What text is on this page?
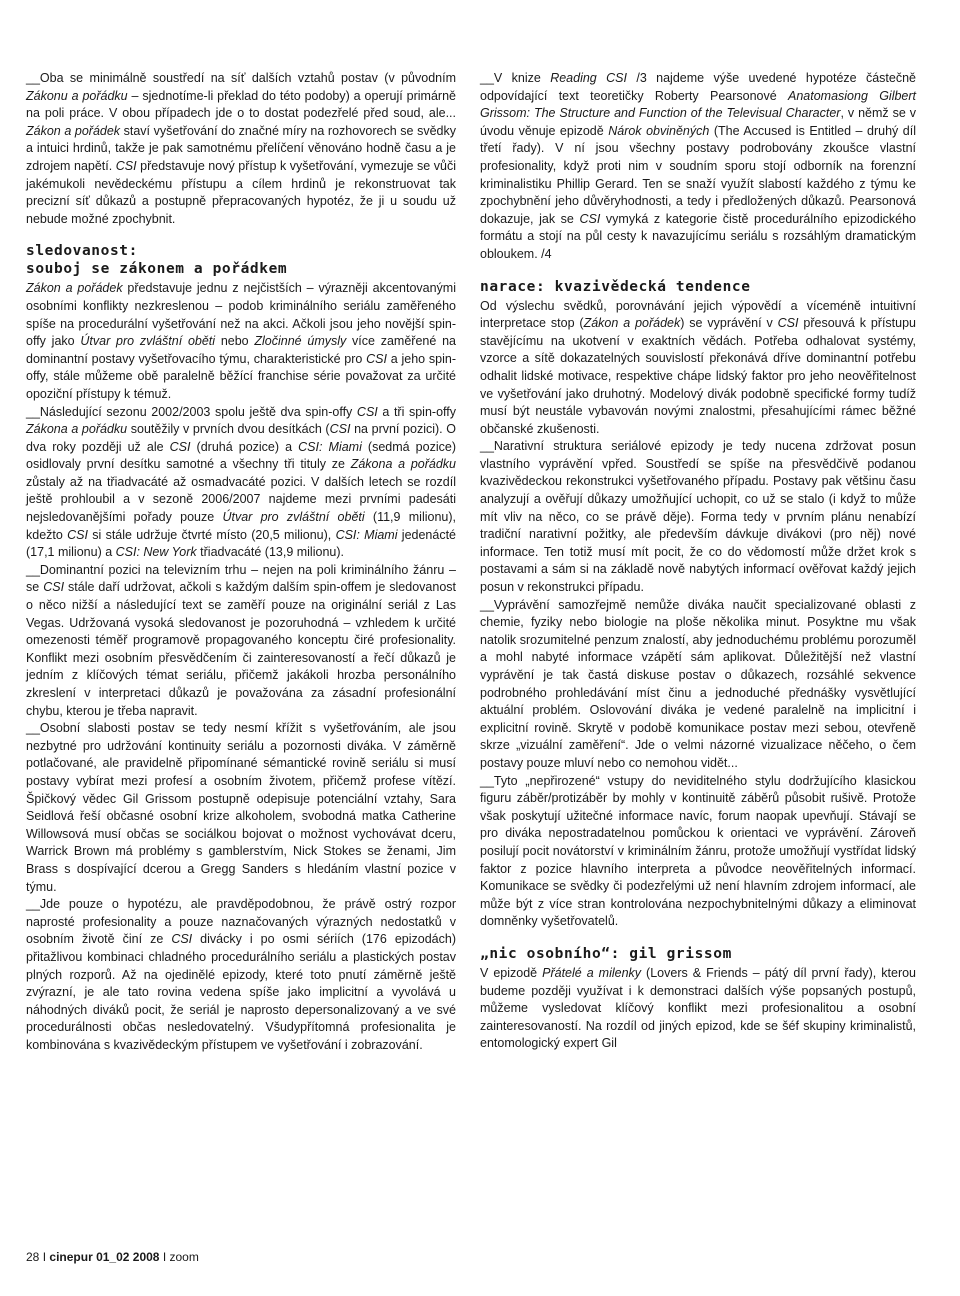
__ Oba se minimálně soustředí na síť dalších vztahů postav (v původním Zákonu a pořádku – sjednotíme-li překlad do této podoby) a operují primárně na poli práce. V obou případech jde o to dostat podezřelé před soud, ale... Zákon a pořádek staví vyšetřování do značné míry na rozhovorech se svědky a intuici hrdinů, takže je pak samotnému přelíčení věnováno hodně času a je zdrojem napětí. CSI představuje nový přístup k vyšetřování, vymezuje se vůči jakémukoli nevědeckému přístupu a cílem hrdinů je rekonstruovat tak precizní síť důkazů a postupně přepracovaných hypotéz, že ji u soudu už nebude možné zpochybnit.

sledovanost:
souboj se zákonem a pořádkem

Zákon a pořádek představuje jednu z nejčistších – výrazněji akcentovanými osobními konflikty nezkreslenou – podob kriminálního seriálu zaměřeného spíše na procedurální vyšetřování než na akci. Ačkoli jsou jeho novější spin-offy jako Útvar pro zvláštní oběti nebo Zločinné úmysly více zaměřené na dominantní postavy vyšetřovacího týmu, charakteristické pro CSI a jeho spin-offy, stále můžeme obě paralelně běžící franchise série považovat za určité opoziční přístupy k témuž.

__ Následující sezonu 2002/2003 spolu ještě dva spin-offy CSI a tři spin-offy Zákona a pořádku soutěžily v prvních dvou desítkách (CSI na první pozici). O dva roky později už ale CSI (druhá pozice) a CSI: Miami (sedmá pozice) osidlovaly první desítku samotné a všechny tři tituly ze Zákona a pořádku zůstaly až na třiadvacáté až osmadvacáté pozici. V dalších letech se rozdíl ještě prohloubil a v sezoně 2006/2007 najdeme mezi prvními padesáti nejsledovanějšími pořady pouze Útvar pro zvláštní oběti (11,9 milionu), kdežto CSI si stále udržuje čtvrté místo (20,5 milionu), CSI: Miami jedenácté (17,1 milionu) a CSI: New York třiadvacáté (13,9 milionu).

__ Dominantní pozici na televizním trhu – nejen na poli kriminálního žánru – se CSI stále daří udržovat, ačkoli s každým dalším spin-offem je sledovanost o něco nižší a následující text se zaměří pouze na originální seriál z Las Vegas. Udržovaná vysoká sledovanost je pozoruhodná – vzhledem k určité omezenosti téměř programově propagovaného konceptu čiré profesionality. Konflikt mezi osobním přesvědčením či zainteresovaností a řečí důkazů je jedním z klíčových témat seriálu, přičemž jakákoli hrozba personálního zkreslení v interpretaci důkazů je považována za zásadní profesionální chybu, kterou je třeba napravit.

__ Osobní slabosti postav se tedy nesmí křížit s vyšetřováním, ale jsou nezbytné pro udržování kontinuity seriálu a pozornosti diváka. V záměrně potlačované, ale pravidelně připomínané sémantické rovině seriálu si musí postavy vybírat mezi profesí a osobním životem, přičemž profese vítězí. Špičkový vědec Gil Grissom postupně odepisuje potenciální vztahy, Sara Seidlová řeší občasné osobní krize alkoholem, svobodná matka Catherine Willowsová musí občas se sociálkou bojovat o možnost vychovávat dceru, Warrick Brown má problémy s gamblerstvím, Nick Stokes se ženami, Jim Brass s dospívající dcerou a Gregg Sanders s hledáním vlastní pozice v týmu.

__ Jde pouze o hypotézu, ale pravděpodobnou, že právě ostrý rozpor naprosté profesionality a pouze naznačovaných výrazných nedostatků v osobním životě činí ze CSI divácky i po osmi sériích (176 epizodách) přitažlivou kombinaci chladného procedurálního seriálu a plastických postav plných rozporů. Až na ojedinělé epizody, které toto pnutí záměrně ještě zvýrazní, je ale tato rovina vedena spíše jako implicitní a vyvolává u náhodných diváků pocit, že seriál je naprosto depersonalizovaný a ve své procedurálnosti občas nesledovatelný. Všudypřítomná profesionalita je kombinována s kvazivědeckým přístupem ve vyšetřování i zobrazování.

__ V knize Reading CSI /3 najdeme výše uvedené hypotéze částečně odpovídající text teoretičky Roberty Pearsonové Anatomasiong Gilbert Grissom: The Structure and Function of the Televisual Character, v němž se v úvodu věnuje epizodě Nárok obviněných (The Accused is Entitled – druhý díl třetí řady). V ní jsou všechny postavy podrobovány zkoušce vlastní profesionality, když proti nim v soudním sporu stojí odborník na forenzní kriminalistiku Phillip Gerard. Ten se snaží využít slabostí každého z týmu ke zpochybnění jeho důvěryhodnosti, a tedy i předložených důkazů. Pearsonová dokazuje, jak se CSI vymyká z kategorie čistě procedurálního epizodického formátu a stojí na půl cesty k navazujícímu seriálu s rozsáhlým dramatickým obloukem. /4

narace: kvazivědecká tendence

Od výslechu svědků, porovnávání jejich výpovědí a víceméně intuitivní interpretace stop (Zákon a pořádek) se vyprávění v CSI přesouvá k přístupu stavějícímu na ukotvení v exaktních vědách. Potřeba odhalovat systémy, vzorce a sítě dokazatelných souvislostí překonává dříve dominantní potřebu odhalit lidské motivace, respektive chápe lidský faktor pro jeho neověřitelnost ve vyšetřování jako druhotný. Modelový divák podobně specifické formy tudíž musí být neustále vybavován novými znalostmi, přesahujícími rámec běžné občanské zkušenosti.

__ Narativní struktura seriálové epizody je tedy nucena zdržovat posun vlastního vyprávění vpřed. Soustředí se spíše na přesvědčivě podanou kvazivědeckou rekonstrukci vyšetřovaného případu. Postavy pak většinu času analyzují a ověřují důkazy umožňující uchopit, co už se stalo (i když to může mít vliv na něco, co se právě děje). Forma tedy v prvním plánu nenabízí tradiční narativní požitky, ale především dávkuje divákovi (pro něj) nové informace. Ten totiž musí mít pocit, že co do vědomostí může držet krok s postavami a sám si na základě nově nabytých informací ověřovat každý jejich posun v rekonstrukci případu.

__ Vyprávění samozřejmě nemůže diváka naučit specializované oblasti z chemie, fyziky nebo biologie na ploše několika minut. Posyktne mu však natolik srozumitelné penzum znalostí, aby jednoduchému problému porozuměl a mohl nabyté informace vzápětí sám aplikovat. Důležitější než vlastní vyprávění je tak častá diskuse postav o důkazech, rozsáhlé sekvence podrobného prohledávání míst činu a jednoduché přednášky vysvětlující aktuální problém. Oslovování diváka je vedené paralelně na implicitní i explicitní rovině. Skrytě v podobě komunikace postav mezi sebou, otevřeně skrze „vizuální zaměření“. Jde o velmi názorné vizualizace něčeho, o čem postavy pouze mluví nebo co nemohou vidět...

__ Tyto „nepřirozené“ vstupy do neviditelného stylu dodržujícího klasickou figuru záběr/protizáběr by mohly v kontinuitě záběrů působit rušivě. Protože však poskytují užitečné informace navíc, forum naopak upevňují. Stávají se pro diváka nepostradatelnou pomůckou k orientaci ve vyprávění. Zároveň posilují pocit novátorství v kriminálním žánru, protože umožňují vystřídat lidský faktor z pozice hlavního interpreta a původce neověřitelných informací. Komunikace se svědky či podezřelými už není hlavním zdrojem informací, ale může být z více stran kontrolována nezpochybnitelnými důkazy a eliminovat domněnky vyšetřovatelů.

„nic osobního“: gil grissom

V epizodě Přátelé a milenky (Lovers & Friends – pátý díl první řady), kterou budeme později využívat i k demonstraci dalších výše popsaných postupů, můžeme vysledovat klíčový konflikt mezi profesionalitou a osobní zainteresovaností. Na rozdíl od jiných epizod, kde se šéf skupiny kriminalistů, entomologický expert Gil

28 I cinepur 01_02 2008 I zoom
